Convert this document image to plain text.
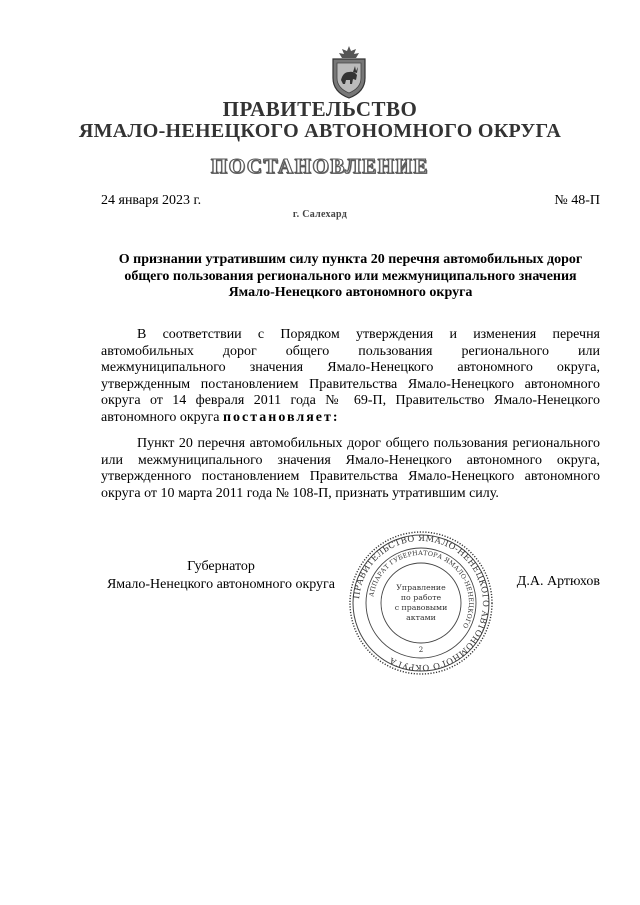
ПРАВИТЕЛЬСТВО
ЯМАЛО-НЕНЕЦКОГО АВТОНОМНОГО ОКРУГА
ПОСТАНОВЛЕНИЕ
24 января 2023 г.	№ 48-П
г. Салехард
О признании утратившим силу пункта 20 перечня автомобильных дорог общего пользования регионального или межмуниципального значения Ямало-Ненецкого автономного округа
В соответствии с Порядком утверждения и изменения перечня автомобильных дорог общего пользования регионального или межмуниципального значения Ямало-Ненецкого автономного округа, утвержденным постановлением Правительства Ямало-Ненецкого автономного округа от 14 февраля 2011 года № 69-П, Правительство Ямало-Ненецкого автономного округа постановляет:
Пункт 20 перечня автомобильных дорог общего пользования регионального или межмуниципального значения Ямало-Ненецкого автономного округа, утвержденного постановлением Правительства Ямало-Ненецкого автономного округа от 10 марта 2011 года № 108-П, признать утратившим силу.
Губернатор
Ямало-Ненецкого автономного округа	Д.А. Артюхов
ПРАВИТЕЛЬСТВО ЯМАЛО-НЕНЕЦКОГО АВТОНОМНОГО ОКРУГА
АППАРАТ ГУБЕРНАТОРА ЯМАЛО-НЕНЕЦКОГО
Управление
по работе
с правовыми
актами
2
